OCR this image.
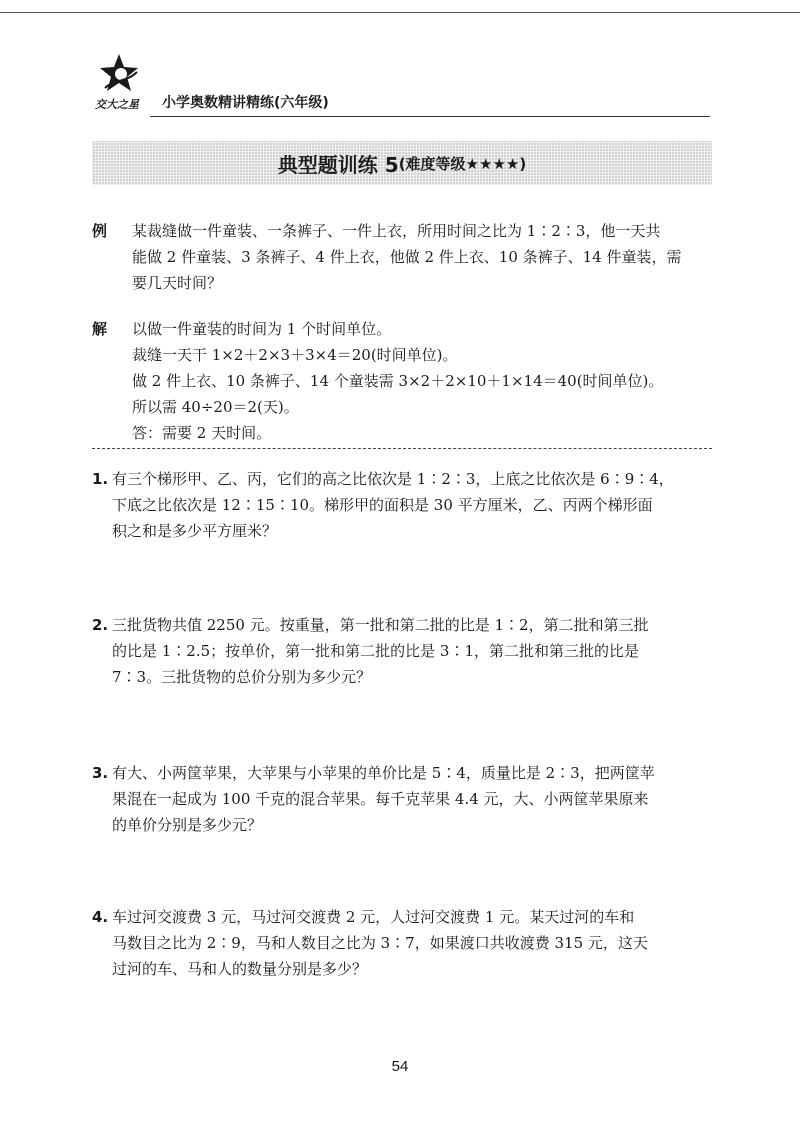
交大之星	小学奥数精讲精练(六年级)
典型题训练 5 (难度等级★★★★)
例 某裁缝做一件童装、一条裤子、一件上衣，所用时间之比为 1∶2∶3，他一天共
能做 2 件童装、3 条裤子、4 件上衣，他做 2 件上衣、10 条裤子、14 件童装，需
要几天时间？
解 以做一件童装的时间为 1 个时间单位。
裁缝一天干 1×2＋2×3＋3×4＝20(时间单位)。
做 2 件上衣、10 条裤子、14 个童装需 3×2＋2×10＋1×14＝40(时间单位)。
所以需 40÷20＝2(天)。
答：需要 2 天时间。
1. 有三个梯形甲、乙、丙，它们的高之比依次是 1∶2∶3，上底之比依次是 6∶9∶4，
下底之比依次是 12∶15∶10。梯形甲的面积是 30 平方厘米，乙、丙两个梯形面
积之和是多少平方厘米？
2. 三批货物共值 2250 元。按重量，第一批和第二批的比是 1∶2，第二批和第三批
的比是 1∶2.5；按单价，第一批和第二批的比是 3∶1，第二批和第三批的比是
7∶3。三批货物的总价分别为多少元？
3. 有大、小两筐苹果，大苹果与小苹果的单价比是 5∶4，质量比是 2∶3，把两筐苹
果混在一起成为 100 千克的混合苹果。每千克苹果 4.4 元，大、小两筐苹果原来
的单价分别是多少元？
4. 车过河交渡费 3 元，马过河交渡费 2 元，人过河交渡费 1 元。某天过河的车和
马数目之比为 2∶9，马和人数目之比为 3∶7，如果渡口共收渡费 315 元，这天
过河的车、马和人的数量分别是多少？
54
